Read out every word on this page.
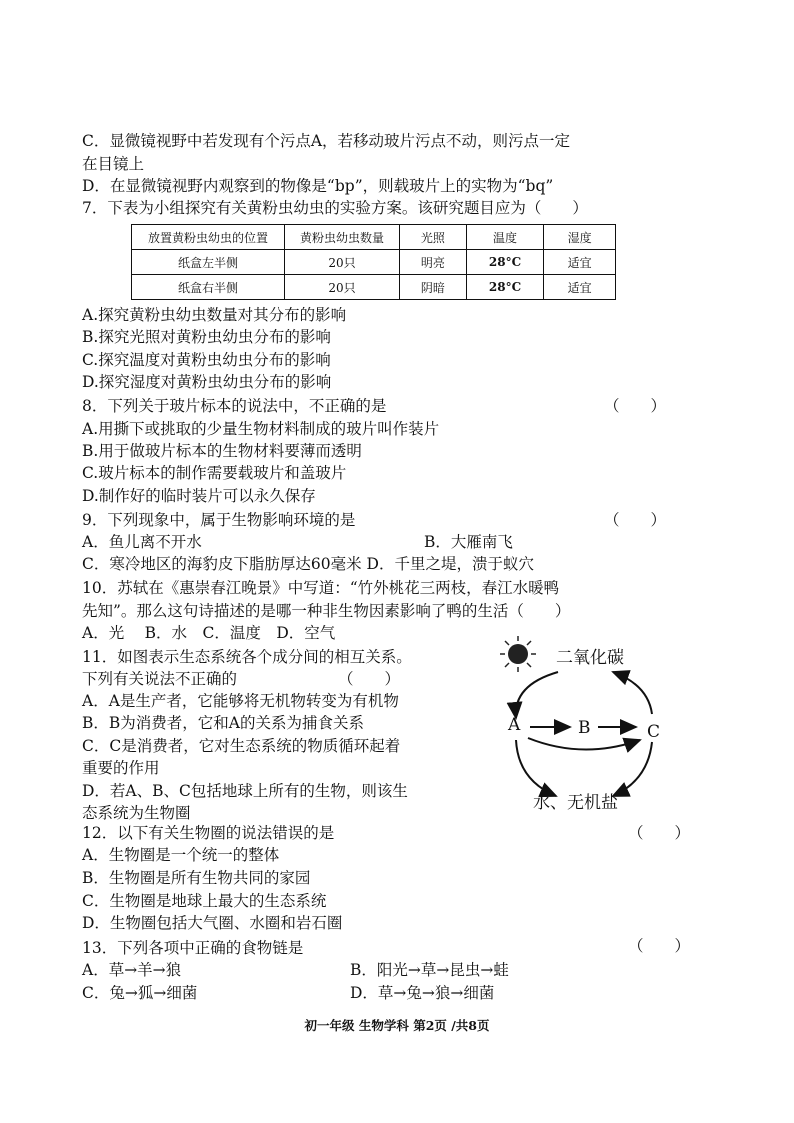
C．显微镜视野中若发现有个污点A，若移动玻片污点不动，则污点一定
在目镜上
D．在显微镜视野内观察到的物像是“bp”，则载玻片上的实物为“bq”
7．下表为小组探究有关黄粉虫幼虫的实验方案。该研究题目应为（　　）
放置黄粉虫幼虫的位置	黄粉虫幼虫数量	光照	温度	湿度
纸盒左半侧	20只	明亮	28°C	适宜
纸盒右半侧	20只	阴暗	28°C	适宜
A.探究黄粉虫幼虫数量对其分布的影响
B.探究光照对黄粉虫幼虫分布的影响
C.探究温度对黄粉虫幼虫分布的影响
D.探究湿度对黄粉虫幼虫分布的影响
8．下列关于玻片标本的说法中，不正确的是	（　　）
A.用撕下或挑取的少量生物材料制成的玻片叫作装片
B.用于做玻片标本的生物材料要薄而透明
C.玻片标本的制作需要载玻片和盖玻片
D.制作好的临时装片可以永久保存
9．下列现象中，属于生物影响环境的是	（　　）
A．鱼儿离不开水	B．大雁南飞
C．寒冷地区的海豹皮下脂肪厚达60毫米 D．千里之堤，溃于蚁穴
10．苏轼在《惠崇春江晚景》中写道：“竹外桃花三两枝，春江水暖鸭
先知”。那么这句诗描述的是哪一种非生物因素影响了鸭的生活（　　）
A．光　 B．水　C．温度　D．空气
11．如图表示生态系统各个成分间的相互关系。
下列有关说法不正确的	（　　）
A．A是生产者，它能够将无机物转变为有机物
B．B为消费者，它和A的关系为捕食关系
C．C是消费者，它对生态系统的物质循环起着
重要的作用
D．若A、B、C包括地球上所有的生物，则该生
态系统为生物圈
二氧化碳
A	B	C
水、无机盐
12．以下有关生物圈的说法错误的是	（　　）
A．生物圈是一个统一的整体
B．生物圈是所有生物共同的家园
C．生物圈是地球上最大的生态系统
D．生物圈包括大气圈、水圈和岩石圈
13．下列各项中正确的食物链是	（　　）
A．草→羊→狼	B．阳光→草→昆虫→蛙
C．兔→狐→细菌	D．草→兔→狼→细菌
初一年级 生物学科 第2页 /共8页
